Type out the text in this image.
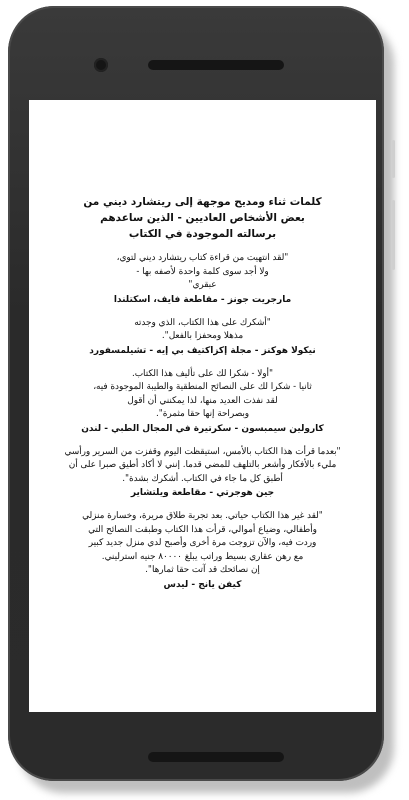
كلمات ثناء ومديح موجهة إلى ريتشارد ديني من
بعض الأشخاص العاديين - الذين ساعدهم
برسالته الموجودة في الكتاب

"لقد انتهيت من قراءة كتاب ريتشارد ديني لتوي،
ولا أجد سوى كلمة واحدة لأصفه بها -
عبقري"

مارجريت جونز - مقاطعة فايف، اسكتلندا

"أشكرك على هذا الكتاب، الذي وجدته
مذهلا ومحفزا بالفعل".

نيكولا هوكنز - مجلة إكزاكتيف بي إيه - تشيلمسفورد

"أولا - شكرا لك على تأليف هذا الكتاب.
ثانيا - شكرا لك على النصائح المنطقية والطيبة الموجودة فيه،
لقد نفذت العديد منها، لذا يمكنني أن أقول
وبصراحة إنها حقا مثمرة".

كارولين سيمبسون - سكرتيرة في المجال الطبي - لندن

"بعدما قرأت هذا الكتاب بالأمس، استيقظت اليوم وقفزت من السرير ورأسي
مليء بالأفكار وأشعر بالتلهف للمضي قدما. إنني لا أكاد أطيق صبرا على أن
أطبق كل ما جاء في الكتاب. أشكرك بشدة".

جين هوجرتي - مقاطعة ويلتشاير

"لقد غير هذا الكتاب حياتي. بعد تجربة طلاق مريرة، وخسارة منزلي
وأطفالي، وضياع أموالي، قرأت هذا الكتاب وطبقت النصائح التي
وردت فيه، والآن تزوجت مرة أخرى وأصبح لدي منزل جديد كبير
مع رهن عقاري بسيط وراتب يبلغ ٨٠٠٠٠ جنيه استرليني.
إن نصائحك قد آتت حقا ثمارها".

كيفن يانج - ليدس
